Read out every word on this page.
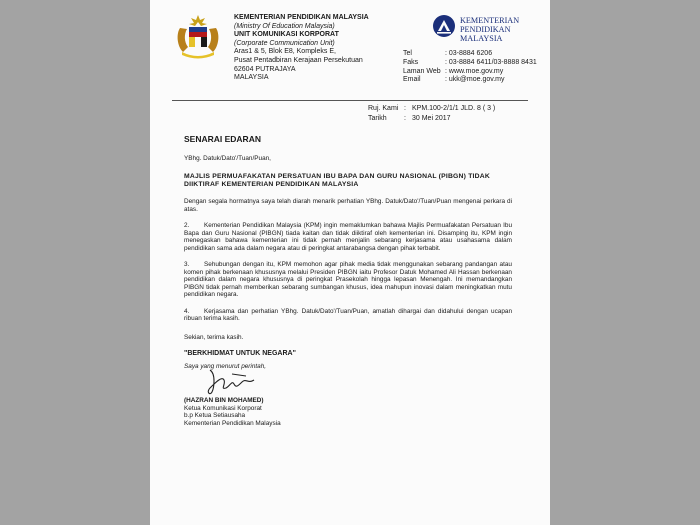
KEMENTERIAN PENDIDIKAN MALAYSIA
(Ministry Of Education Malaysia)
UNIT KOMUNIKASI KORPORAT
(Corporate Communication Unit)
Aras1 & 5, Blok E8, Kompleks E,
Pusat Pentadbiran Kerajaan Persekutuan
62604 PUTRAJAYA
MALAYSIA
KEMENTERIAN
PENDIDIKAN
MALAYSIA
Tel	: 03-8884 6206
Faks	: 03-8884 6411/03-8888 8431
Laman Web : www.moe.gov.my
Email	: ukk@moe.gov.my
Ruj. Kami : KPM.100-2/1/1 JLD. 8 ( 3 )
Tarikh : 30 Mei 2017
SENARAI EDARAN
YBhg. Datuk/Dato'/Tuan/Puan,
MAJLIS PERMUAFAKATAN PERSATUAN IBU BAPA DAN GURU NASIONAL (PIBGN) TIDAK DIIKTIRAF KEMENTERIAN PENDIDIKAN MALAYSIA
Dengan segala hormatnya saya telah diarah menarik perhatian YBhg. Datuk/Dato'/Tuan/Puan mengenai perkara di atas.
2. Kementerian Pendidikan Malaysia (KPM) ingin memaklumkan bahawa Majlis Permuafakatan Persatuan Ibu Bapa dan Guru Nasional (PIBGN) tiada kaitan dan tidak diiktiraf oleh kementerian ini. Disamping itu, KPM ingin menegaskan bahawa kementerian ini tidak pernah menjalin sebarang kerjasama atau usahasama dalam pendidikan sama ada dalam negara atau di peringkat antarabangsa dengan pihak terbabit.
3. Sehubungan dengan itu, KPM memohon agar pihak media tidak menggunakan sebarang pandangan atau komen pihak berkenaan khususnya melalui Presiden PIBGN iaitu Profesor Datuk Mohamed Ali Hassan berkenaan pendidikan dalam negara khususnya di peringkat Prasekolah hingga lepasan Menengah. Ini memandangkan PIBGN tidak pernah memberikan sebarang sumbangan khusus, idea mahupun inovasi dalam meningkatkan mutu pendidikan negara.
4. Kerjasama dan perhatian YBhg. Datuk/Dato'/Tuan/Puan, amatlah dihargai dan didahului dengan ucapan ribuan terima kasih.
Sekian, terima kasih.
"BERKHIDMAT UNTUK NEGARA"
Saya yang menurut perintah,
(HAZRAN BIN MOHAMED)
Ketua Komunikasi Korporat
b.p Ketua Setiausaha
Kementerian Pendidikan Malaysia
